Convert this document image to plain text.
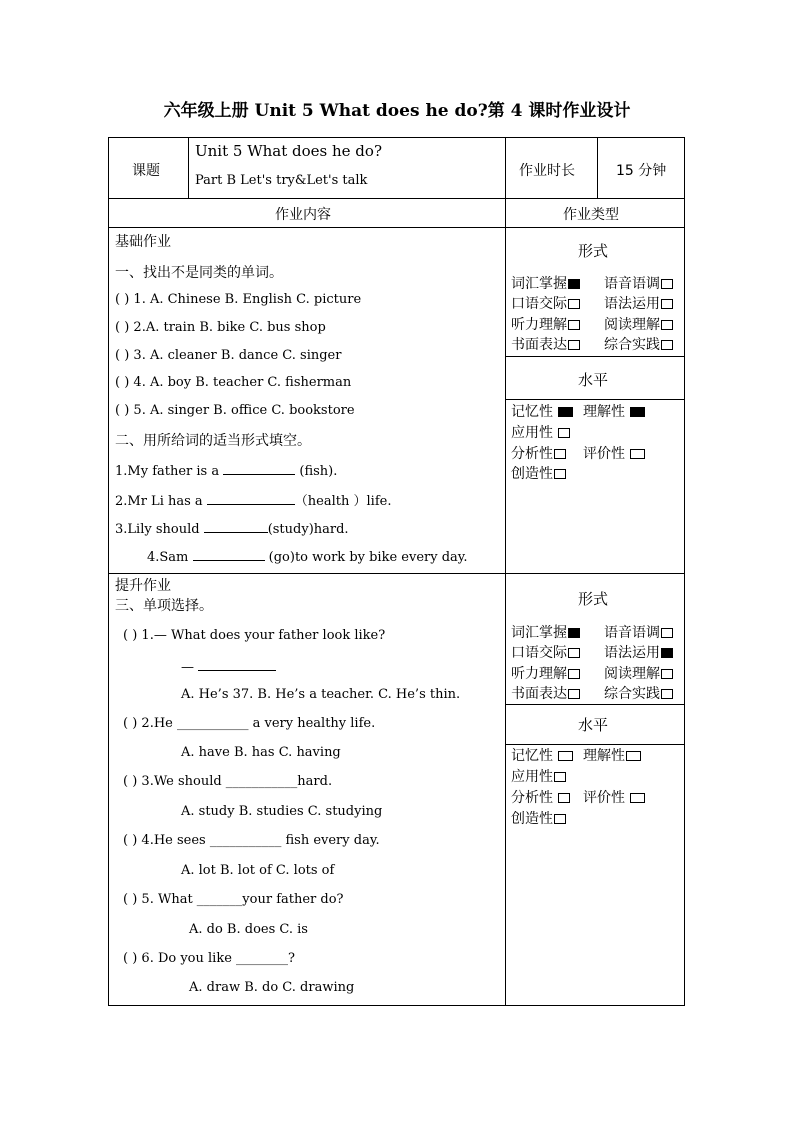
六年级上册 Unit 5 What does he do?第 4 课时作业设计
课题
Unit 5 What does he do?
Part B Let's try&Let's talk
作业时长	15 分钟
作业内容	作业类型
基础作业
一、找出不是同类的单词。
( ) 1. A. Chinese B. English C. picture
( ) 2.A. train B. bike C. bus shop
( ) 3. A. cleaner B. dance C. singer
( ) 4. A. boy B. teacher C. fisherman
( ) 5. A. singer B. office C. bookstore
二、用所给词的适当形式填空。
1.My father is a	(fish).
2.Mr Li has a	（health ）life.
3.Lily should	(study)hard.
4.Sam	(go)to work by bike every day.
提升作业
三、单项选择。
( ) 1.— What does your father look like?
—
A. He’s 37. B. He’s a teacher. C. He’s thin.
( ) 2.He ___________ a very healthy life.
A. have B. has C. having
( ) 3.We should ___________hard.
A. study B. studies C. studying
( ) 4.He sees ___________ fish every day.
A. lot B. lot of C. lots of
( ) 5. What _______your father do?
A. do B. does C. is
( ) 6. Do you like ________?
A. draw B. do C. drawing
形式
词汇掌握	语音语调
口语交际	语法运用
听力理解	阅读理解
书面表达	综合实践
水平
记忆性	理解性
应用性
分析性	评价性
创造性
形式
词汇掌握	语音语调
口语交际	语法运用
听力理解	阅读理解
书面表达	综合实践
水平
记忆性	理解性
应用性
分析性	评价性
创造性
